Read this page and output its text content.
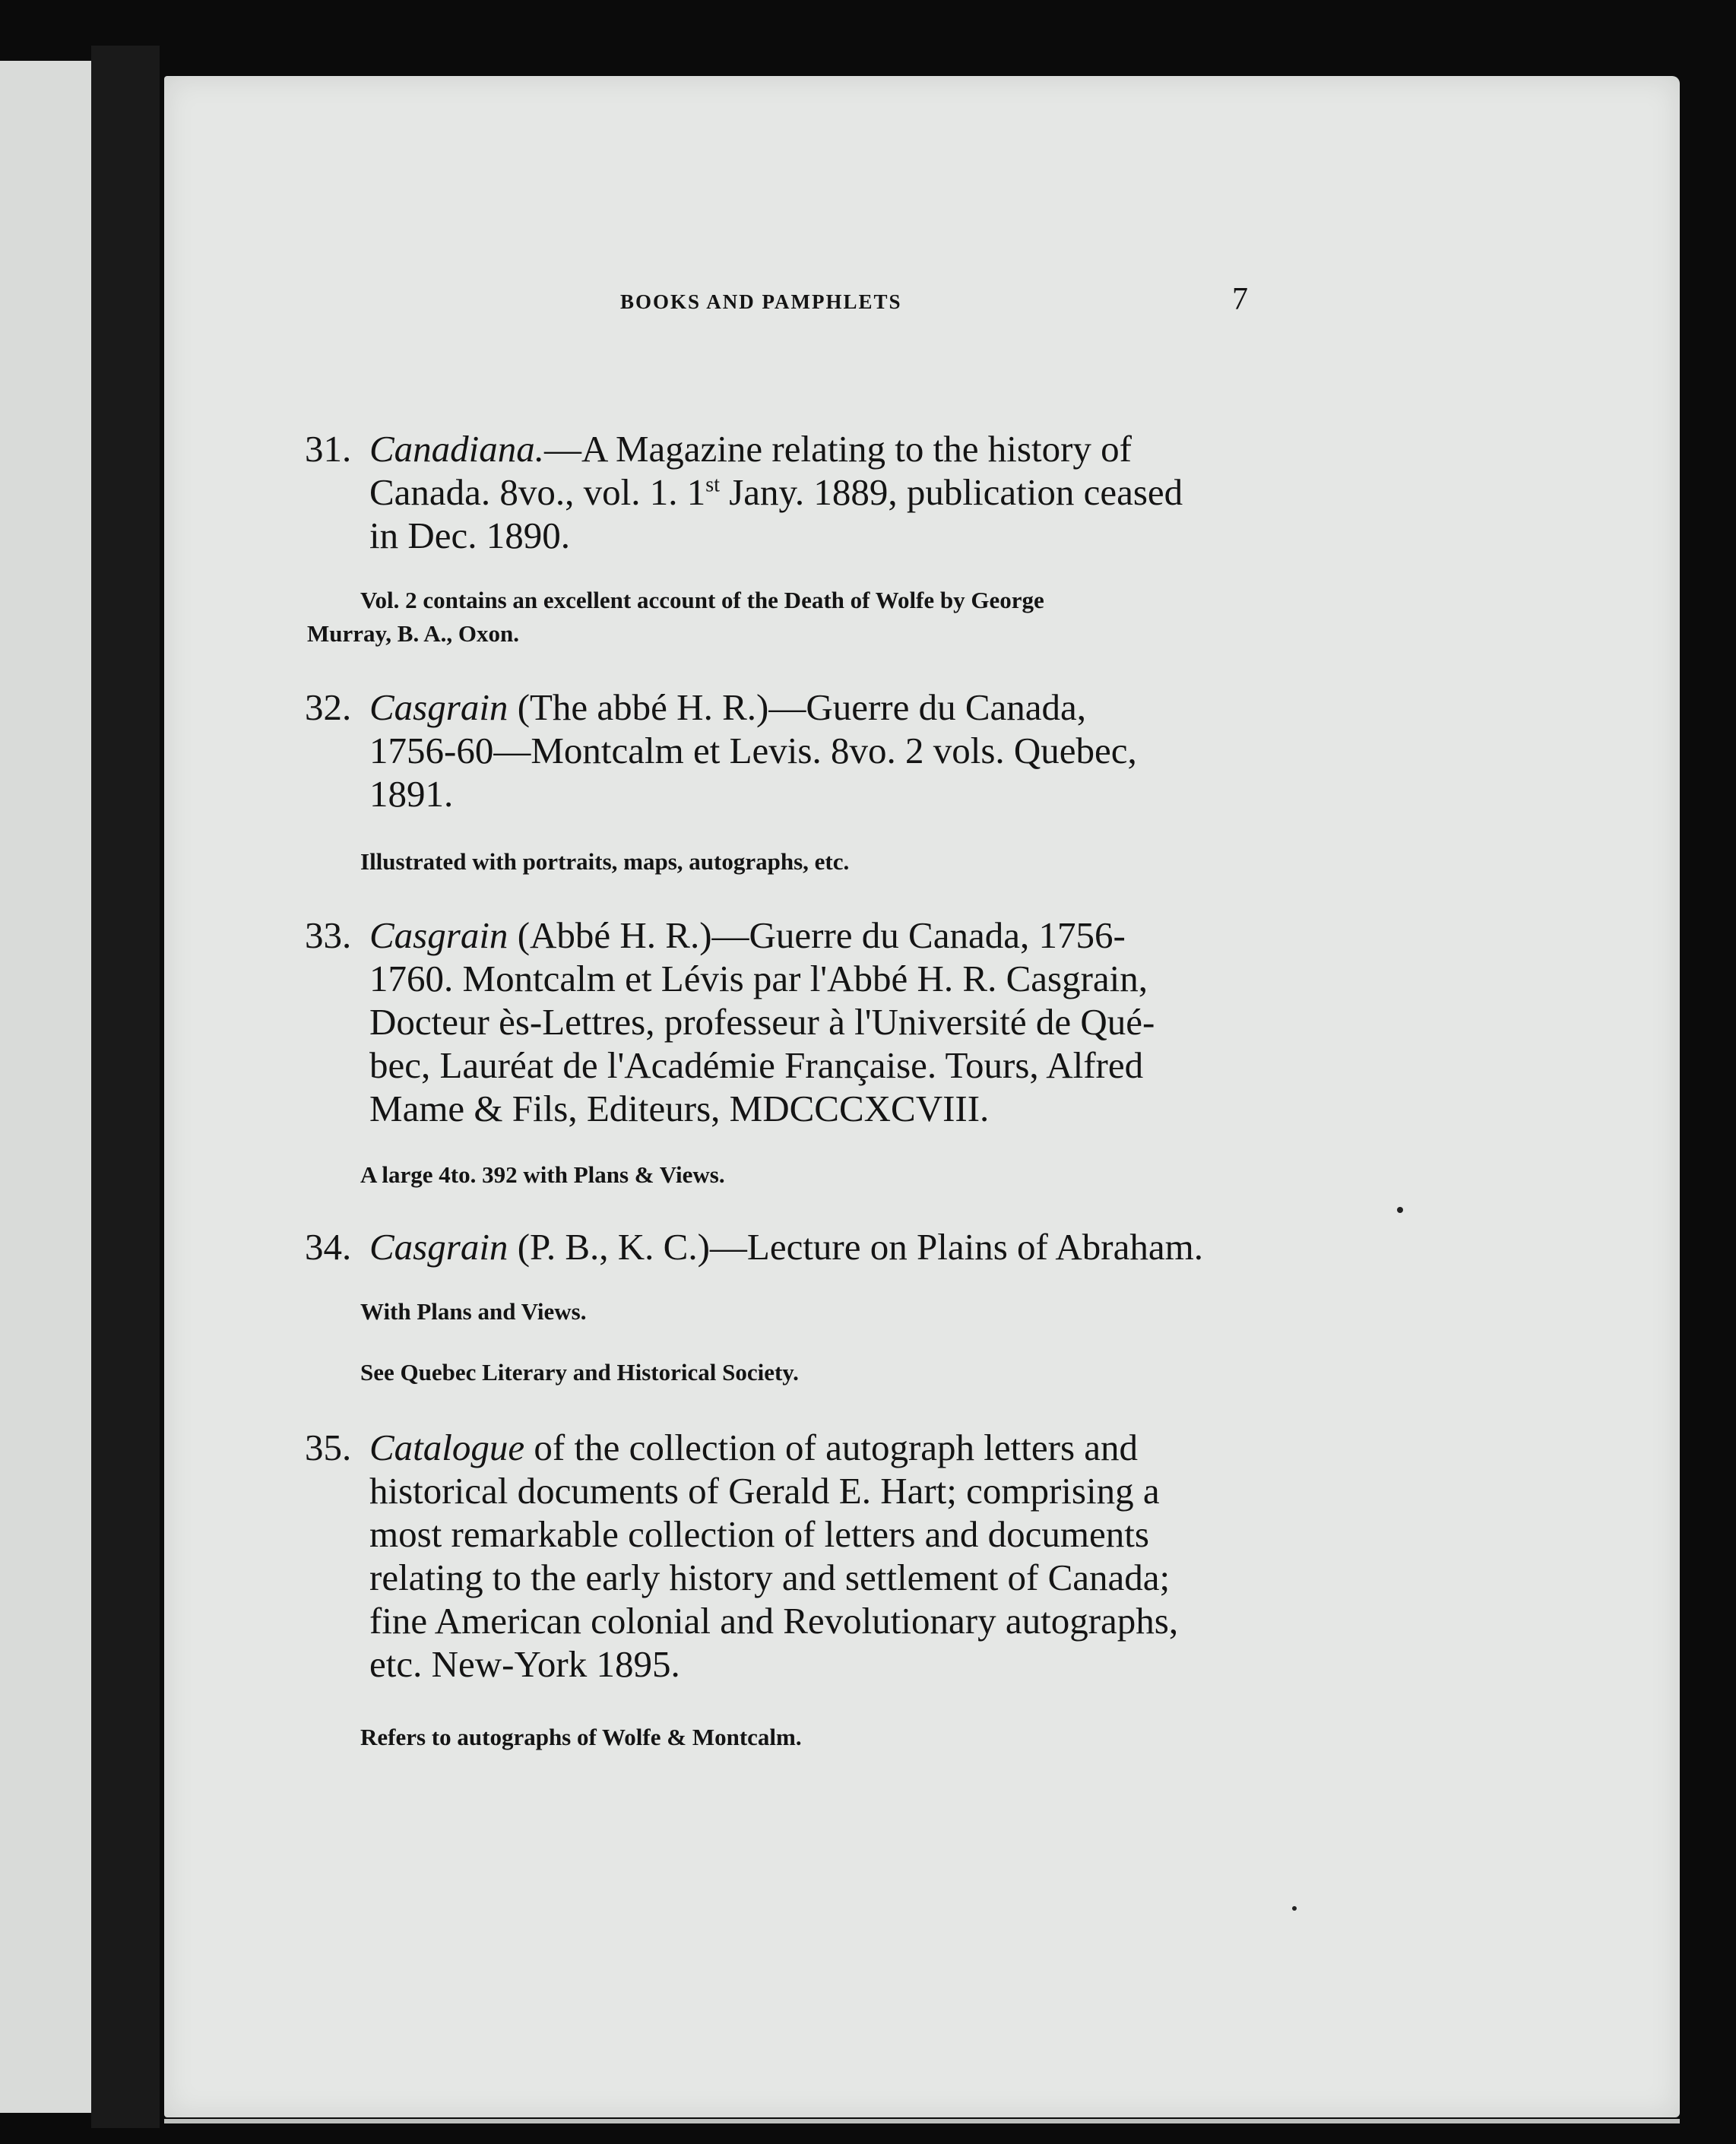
BOOKS AND PAMPHLETS	7
31. Canadiana.—A Magazine relating to the history of
Canada. 8vo., vol. 1. 1st Jany. 1889, publication ceased
in Dec. 1890.
Vol. 2 contains an excellent account of the Death of Wolfe by George
Murray, B. A., Oxon.
32. Casgrain (The abbé H. R.)—Guerre du Canada,
1756-60—Montcalm et Levis. 8vo. 2 vols. Quebec,
1891.
Illustrated with portraits, maps, autographs, etc.
33. Casgrain (Abbé H. R.)—Guerre du Canada, 1756-
1760. Montcalm et Lévis par l'Abbé H. R. Casgrain,
Docteur ès-Lettres, professeur à l'Université de Qué-
bec, Lauréat de l'Académie Française. Tours, Alfred
Mame & Fils, Editeurs, MDCCCXCVIII.
A large 4to. 392 with Plans & Views.
34. Casgrain (P. B., K. C.)—Lecture on Plains of Abraham.
With Plans and Views.
See Quebec Literary and Historical Society.
35. Catalogue of the collection of autograph letters and
historical documents of Gerald E. Hart; comprising a
most remarkable collection of letters and documents
relating to the early history and settlement of Canada;
fine American colonial and Revolutionary autographs,
etc. New-York 1895.
Refers to autographs of Wolfe & Montcalm.
